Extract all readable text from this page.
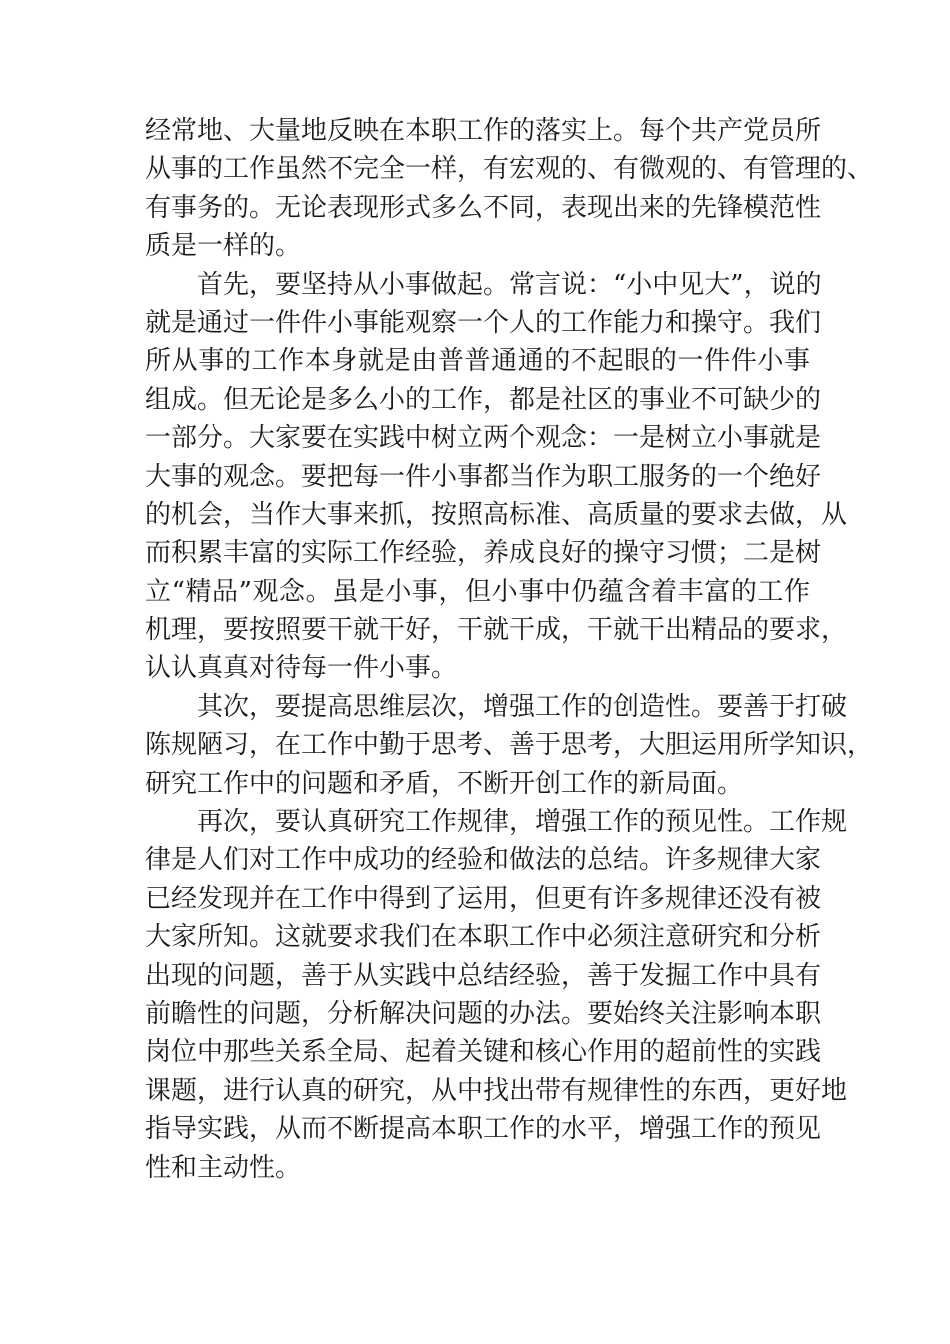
经常地、大量地反映在本职工作的落实上。每个共产党员所
从事的工作虽然不完全一样，有宏观的、有微观的、有管理的、
有事务的。无论表现形式多么不同，表现出来的先锋模范性
质是一样的。
首先，要坚持从小事做起。常言说：“小中见大”，说的
就是通过一件件小事能观察一个人的工作能力和操守。我们
所从事的工作本身就是由普普通通的不起眼的一件件小事
组成。但无论是多么小的工作，都是社区的事业不可缺少的
一部分。大家要在实践中树立两个观念：一是树立小事就是
大事的观念。要把每一件小事都当作为职工服务的一个绝好
的机会，当作大事来抓，按照高标准、高质量的要求去做，从
而积累丰富的实际工作经验，养成良好的操守习惯；二是树
立“精品”观念。虽是小事，但小事中仍蕴含着丰富的工作
机理，要按照要干就干好，干就干成，干就干出精品的要求，
认认真真对待每一件小事。
其次，要提高思维层次，增强工作的创造性。要善于打破
陈规陋习，在工作中勤于思考、善于思考，大胆运用所学知识，
研究工作中的问题和矛盾，不断开创工作的新局面。
再次，要认真研究工作规律，增强工作的预见性。工作规
律是人们对工作中成功的经验和做法的总结。许多规律大家
已经发现并在工作中得到了运用，但更有许多规律还没有被
大家所知。这就要求我们在本职工作中必须注意研究和分析
出现的问题，善于从实践中总结经验，善于发掘工作中具有
前瞻性的问题，分析解决问题的办法。要始终关注影响本职
岗位中那些关系全局、起着关键和核心作用的超前性的实践
课题，进行认真的研究，从中找出带有规律性的东西，更好地
指导实践，从而不断提高本职工作的水平，增强工作的预见
性和主动性。
